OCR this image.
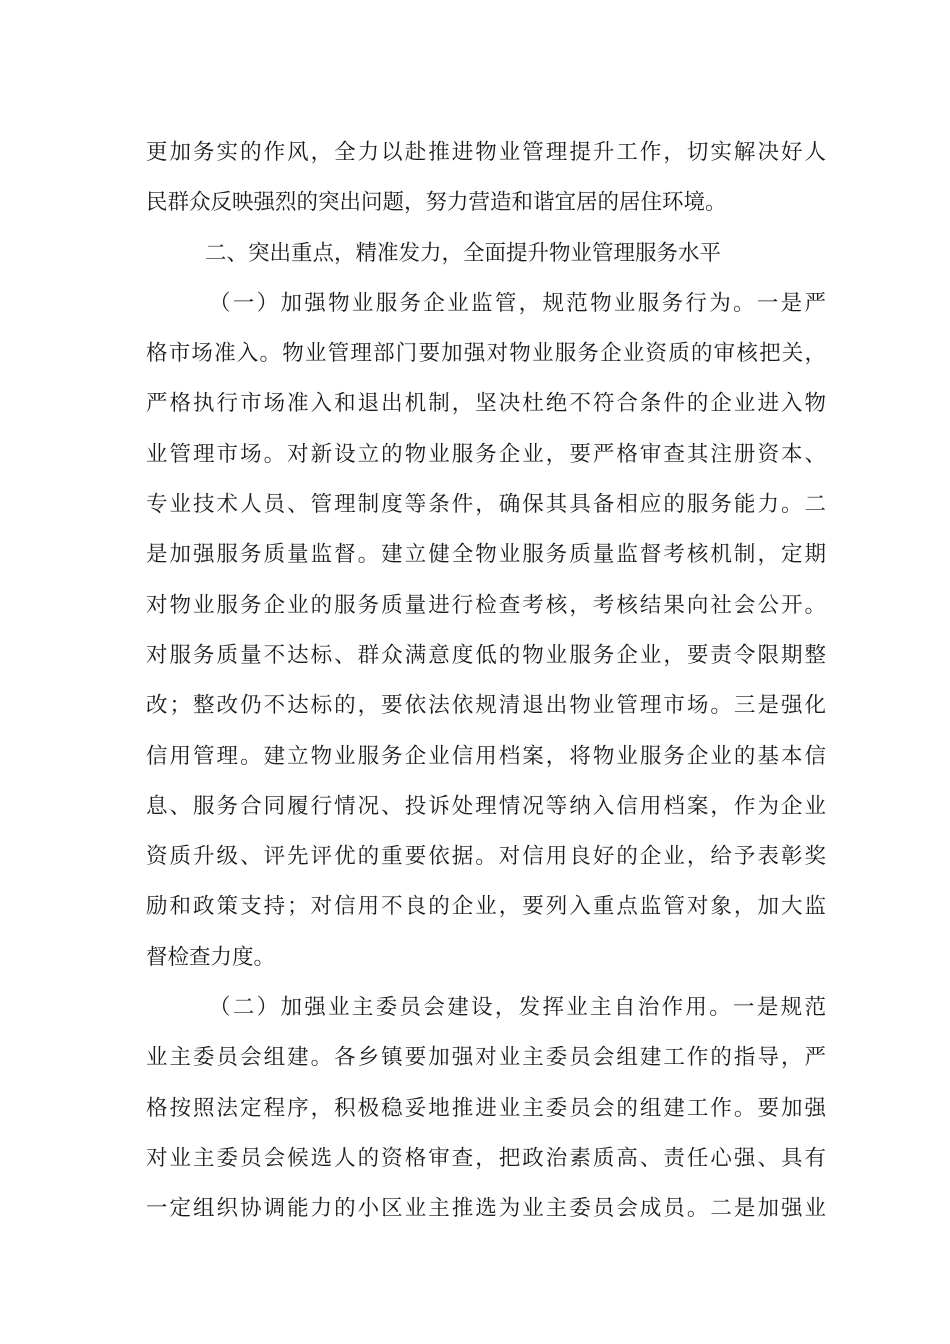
更加务实的作风，全力以赴推进物业管理提升工作，切实解决好人
民群众反映强烈的突出问题，努力营造和谐宜居的居住环境。
二、突出重点，精准发力，全面提升物业管理服务水平
（一）加强物业服务企业监管，规范物业服务行为。一是严
格市场准入。物业管理部门要加强对物业服务企业资质的审核把关，
严格执行市场准入和退出机制，坚决杜绝不符合条件的企业进入物
业管理市场。对新设立的物业服务企业，要严格审查其注册资本、
专业技术人员、管理制度等条件，确保其具备相应的服务能力。二
是加强服务质量监督。建立健全物业服务质量监督考核机制，定期
对物业服务企业的服务质量进行检查考核，考核结果向社会公开。
对服务质量不达标、群众满意度低的物业服务企业，要责令限期整
改；整改仍不达标的，要依法依规清退出物业管理市场。三是强化
信用管理。建立物业服务企业信用档案，将物业服务企业的基本信
息、服务合同履行情况、投诉处理情况等纳入信用档案，作为企业
资质升级、评先评优的重要依据。对信用良好的企业，给予表彰奖
励和政策支持；对信用不良的企业，要列入重点监管对象，加大监
督检查力度。
（二）加强业主委员会建设，发挥业主自治作用。一是规范
业主委员会组建。各乡镇要加强对业主委员会组建工作的指导，严
格按照法定程序，积极稳妥地推进业主委员会的组建工作。要加强
对业主委员会候选人的资格审查，把政治素质高、责任心强、具有
一定组织协调能力的小区业主推选为业主委员会成员。二是加强业
